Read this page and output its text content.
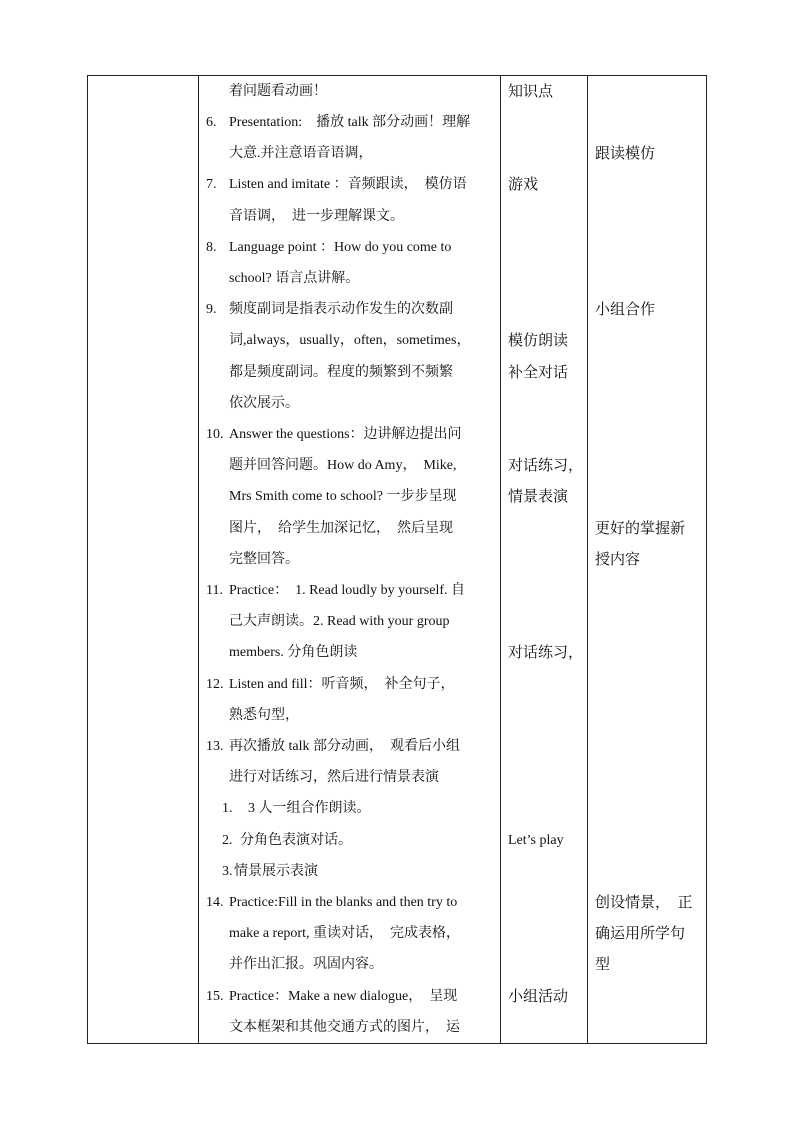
着问题看动画！
6. Presentation:　播放 talk 部分动画！理解
大意.并注意语音语调，
7. Listen and imitate ：音频跟读，　模仿语
音语调，　进一步理解课文。
8. Language point ：How do you come to
school? 语言点讲解。
9. 频度副词是指表示动作发生的次数副
词,always，usually，often，sometimes，
都是频度副词。程度的频繁到不频繁
依次展示。
10. Answer the questions：边讲解边提出问
题并回答问题。How do Amy，　Mike,
Mrs Smith come to school? 一步步呈现
图片，　给学生加深记忆，　然后呈现
完整回答。
11. Practice：　1. Read loudly by yourself. 自
己大声朗读。2. Read with your group
members. 分角色朗读
12. Listen and fill：听音频，　补全句子，
熟悉句型，
13. 再次播放 talk 部分动画，　观看后小组
进行对话练习，然后进行情景表演
1. 3 人一组合作朗读。
2. 分角色表演对话。
3. 情景展示表演
14. Practice:Fill in the blanks and then try to
make a report, 重读对话，　完成表格，
并作出汇报。巩固内容。
15. Practice：Make a new dialogue，　呈现
文本框架和其他交通方式的图片，　运
知识点
游戏
模仿朗读
补全对话
对话练习，
情景表演
对话练习，
Let’s play
小组活动
跟读模仿
小组合作
更好的掌握新
授内容
创设情景，　正
确运用所学句
型
